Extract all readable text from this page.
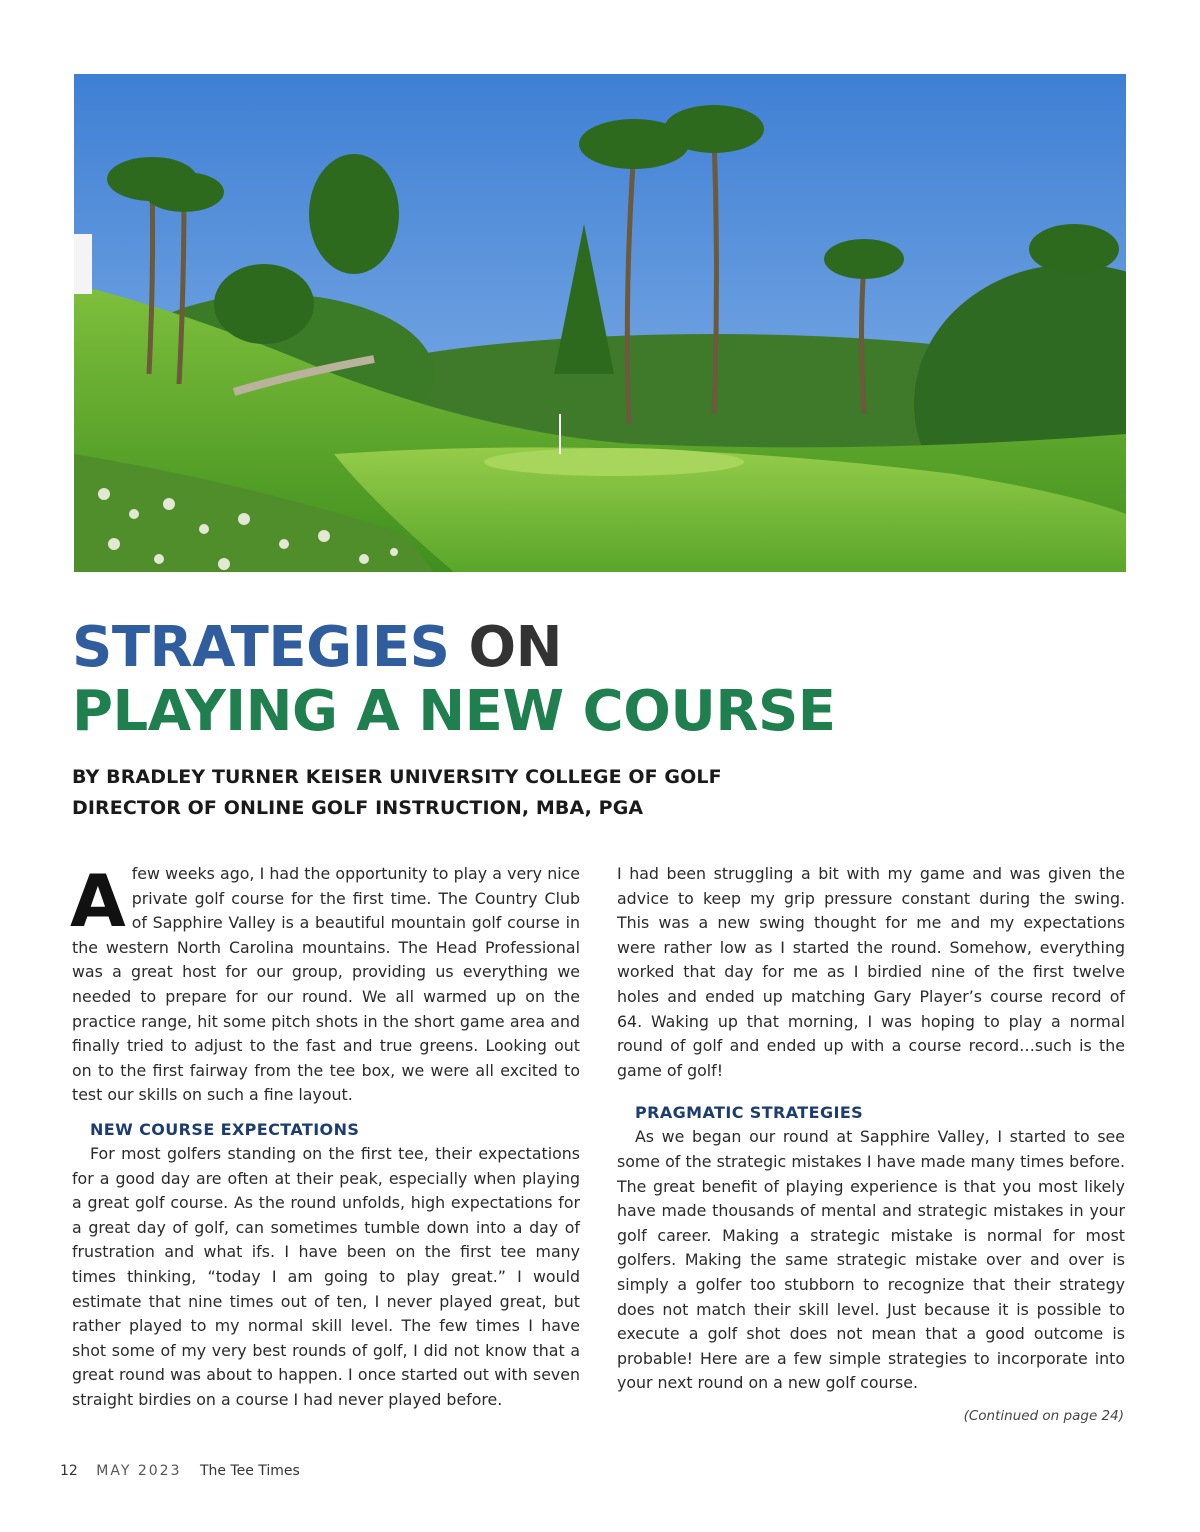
STRATEGIES ON
PLAYING A NEW COURSE
BY BRADLEY TURNER KEISER UNIVERSITY COLLEGE OF GOLF
DIRECTOR OF ONLINE GOLF INSTRUCTION, MBA, PGA

Afew weeks ago, I had the opportunity to play a very nice private golf course for the first time. The Country Club of Sapphire Valley is a beautiful mountain golf course in the western North Carolina mountains. The Head Professional was a great host for our group, providing us everything we needed to prepare for our round. We all warmed up on the practice range, hit some pitch shots in the short game area and finally tried to adjust to the fast and true greens. Looking out on to the first fairway from the tee box, we were all excited to test our skills on such a fine layout.

NEW COURSE EXPECTATIONS

For most golfers standing on the first tee, their expectations for a good day are often at their peak, especially when playing a great golf course. As the round unfolds, high expectations for a great day of golf, can sometimes tumble down into a day of frustration and what ifs. I have been on the first tee many times thinking, “today I am going to play great.” I would estimate that nine times out of ten, I never played great, but rather played to my normal skill level. The few times I have shot some of my very best rounds of golf, I did not know that a great round was about to happen. I once started out with seven straight birdies on a course I had never played before.

I had been struggling a bit with my game and was given the advice to keep my grip pressure constant during the swing. This was a new swing thought for me and my expectations were rather low as I started the round. Somehow, everything worked that day for me as I birdied nine of the first twelve holes and ended up matching Gary Player’s course record of 64. Waking up that morning, I was hoping to play a normal round of golf and ended up with a course record…such is the game of golf!

PRAGMATIC STRATEGIES

As we began our round at Sapphire Valley, I started to see some of the strategic mistakes I have made many times before. The great benefit of playing experience is that you most likely have made thousands of mental and strategic mistakes in your golf career. Making a strategic mistake is normal for most golfers. Making the same strategic mistake over and over is simply a golfer too stubborn to recognize that their strategy does not match their skill level. Just because it is possible to execute a golf shot does not mean that a good outcome is probable! Here are a few simple strategies to incorporate into your next round on a new golf course.

(Continued on page 24)
12 MAY 2023 The Tee Times
